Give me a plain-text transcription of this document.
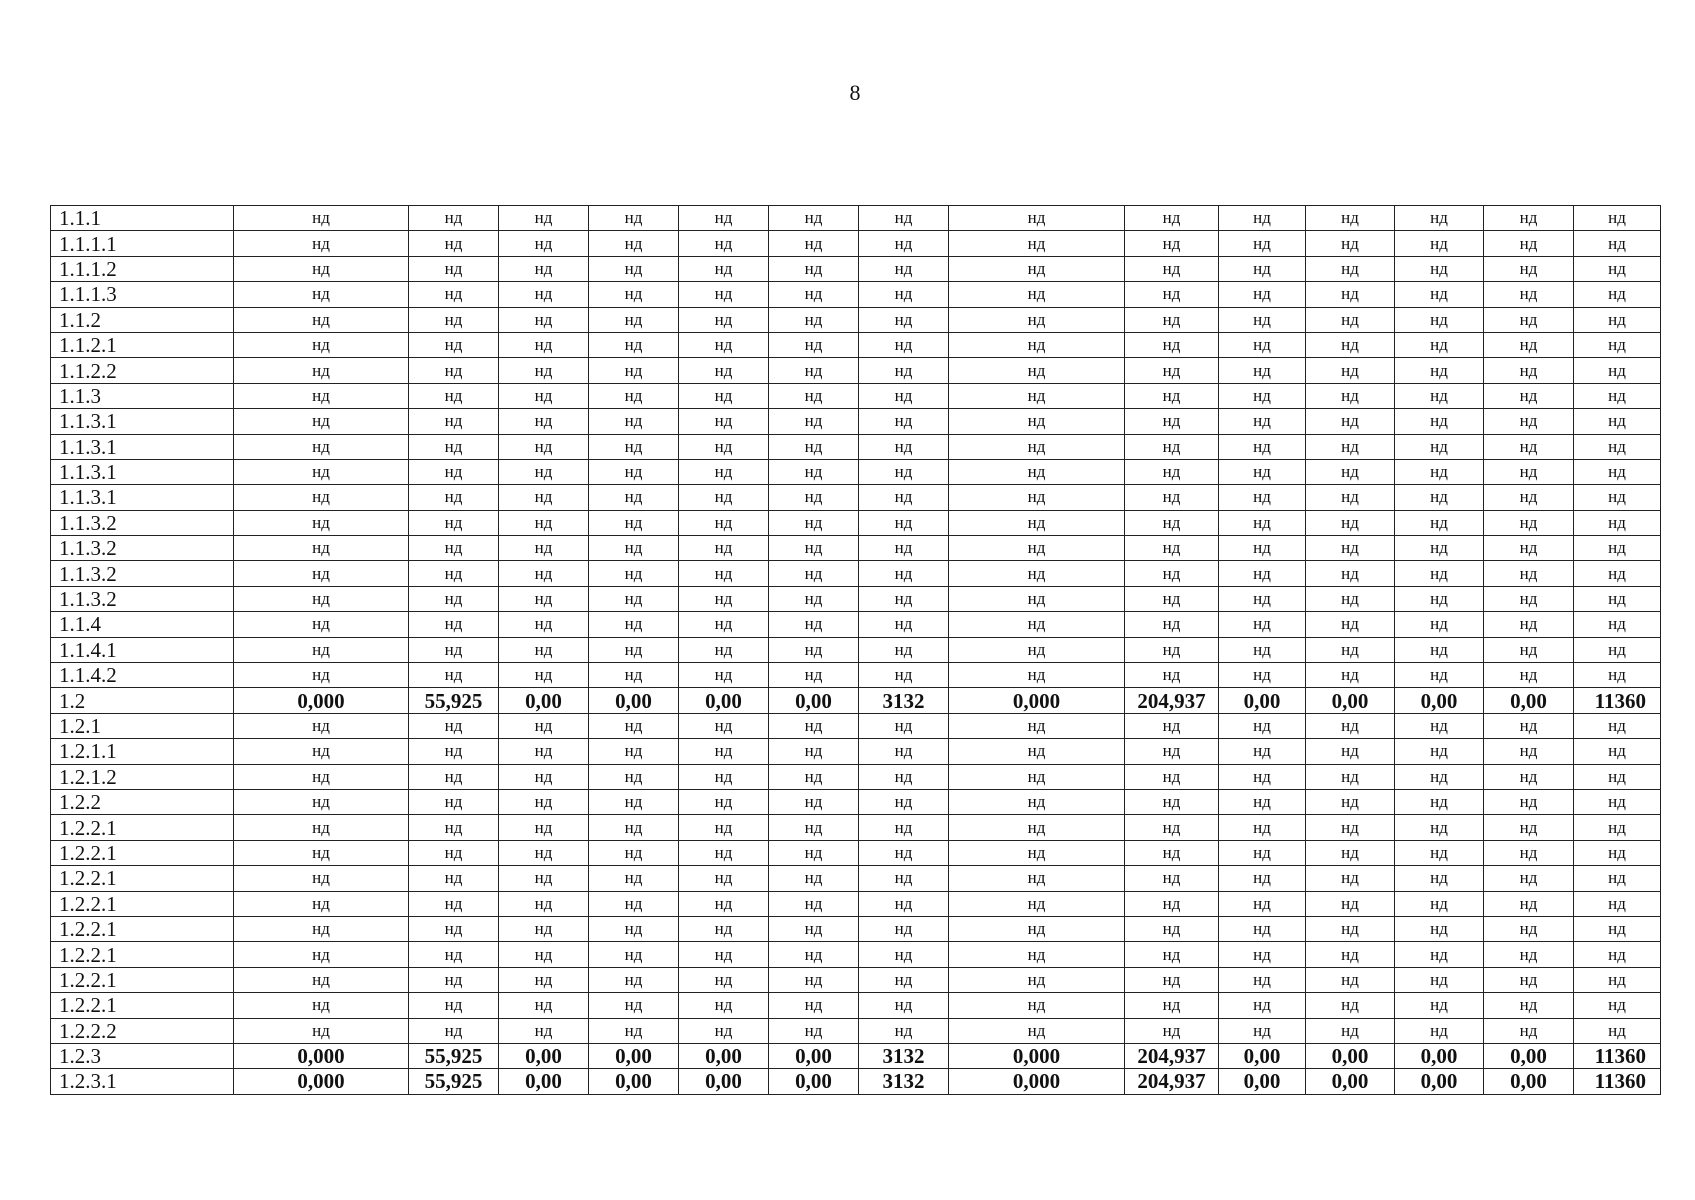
8
1.1.1	нд	нд	нд	нд	нд	нд	нд	нд	нд	нд	нд	нд	нд	нд
1.1.1.1	нд	нд	нд	нд	нд	нд	нд	нд	нд	нд	нд	нд	нд	нд
1.1.1.2	нд	нд	нд	нд	нд	нд	нд	нд	нд	нд	нд	нд	нд	нд
1.1.1.3	нд	нд	нд	нд	нд	нд	нд	нд	нд	нд	нд	нд	нд	нд
1.1.2	нд	нд	нд	нд	нд	нд	нд	нд	нд	нд	нд	нд	нд	нд
1.1.2.1	нд	нд	нд	нд	нд	нд	нд	нд	нд	нд	нд	нд	нд	нд
1.1.2.2	нд	нд	нд	нд	нд	нд	нд	нд	нд	нд	нд	нд	нд	нд
1.1.3	нд	нд	нд	нд	нд	нд	нд	нд	нд	нд	нд	нд	нд	нд
1.1.3.1	нд	нд	нд	нд	нд	нд	нд	нд	нд	нд	нд	нд	нд	нд
1.1.3.1	нд	нд	нд	нд	нд	нд	нд	нд	нд	нд	нд	нд	нд	нд
1.1.3.1	нд	нд	нд	нд	нд	нд	нд	нд	нд	нд	нд	нд	нд	нд
1.1.3.1	нд	нд	нд	нд	нд	нд	нд	нд	нд	нд	нд	нд	нд	нд
1.1.3.2	нд	нд	нд	нд	нд	нд	нд	нд	нд	нд	нд	нд	нд	нд
1.1.3.2	нд	нд	нд	нд	нд	нд	нд	нд	нд	нд	нд	нд	нд	нд
1.1.3.2	нд	нд	нд	нд	нд	нд	нд	нд	нд	нд	нд	нд	нд	нд
1.1.3.2	нд	нд	нд	нд	нд	нд	нд	нд	нд	нд	нд	нд	нд	нд
1.1.4	нд	нд	нд	нд	нд	нд	нд	нд	нд	нд	нд	нд	нд	нд
1.1.4.1	нд	нд	нд	нд	нд	нд	нд	нд	нд	нд	нд	нд	нд	нд
1.1.4.2	нд	нд	нд	нд	нд	нд	нд	нд	нд	нд	нд	нд	нд	нд
1.2	0,000	55,925	0,00	0,00	0,00	0,00	3132	0,000	204,937	0,00	0,00	0,00	0,00	11360
1.2.1	нд	нд	нд	нд	нд	нд	нд	нд	нд	нд	нд	нд	нд	нд
1.2.1.1	нд	нд	нд	нд	нд	нд	нд	нд	нд	нд	нд	нд	нд	нд
1.2.1.2	нд	нд	нд	нд	нд	нд	нд	нд	нд	нд	нд	нд	нд	нд
1.2.2	нд	нд	нд	нд	нд	нд	нд	нд	нд	нд	нд	нд	нд	нд
1.2.2.1	нд	нд	нд	нд	нд	нд	нд	нд	нд	нд	нд	нд	нд	нд
1.2.2.1	нд	нд	нд	нд	нд	нд	нд	нд	нд	нд	нд	нд	нд	нд
1.2.2.1	нд	нд	нд	нд	нд	нд	нд	нд	нд	нд	нд	нд	нд	нд
1.2.2.1	нд	нд	нд	нд	нд	нд	нд	нд	нд	нд	нд	нд	нд	нд
1.2.2.1	нд	нд	нд	нд	нд	нд	нд	нд	нд	нд	нд	нд	нд	нд
1.2.2.1	нд	нд	нд	нд	нд	нд	нд	нд	нд	нд	нд	нд	нд	нд
1.2.2.1	нд	нд	нд	нд	нд	нд	нд	нд	нд	нд	нд	нд	нд	нд
1.2.2.1	нд	нд	нд	нд	нд	нд	нд	нд	нд	нд	нд	нд	нд	нд
1.2.2.2	нд	нд	нд	нд	нд	нд	нд	нд	нд	нд	нд	нд	нд	нд
1.2.3	0,000	55,925	0,00	0,00	0,00	0,00	3132	0,000	204,937	0,00	0,00	0,00	0,00	11360
1.2.3.1	0,000	55,925	0,00	0,00	0,00	0,00	3132	0,000	204,937	0,00	0,00	0,00	0,00	11360
